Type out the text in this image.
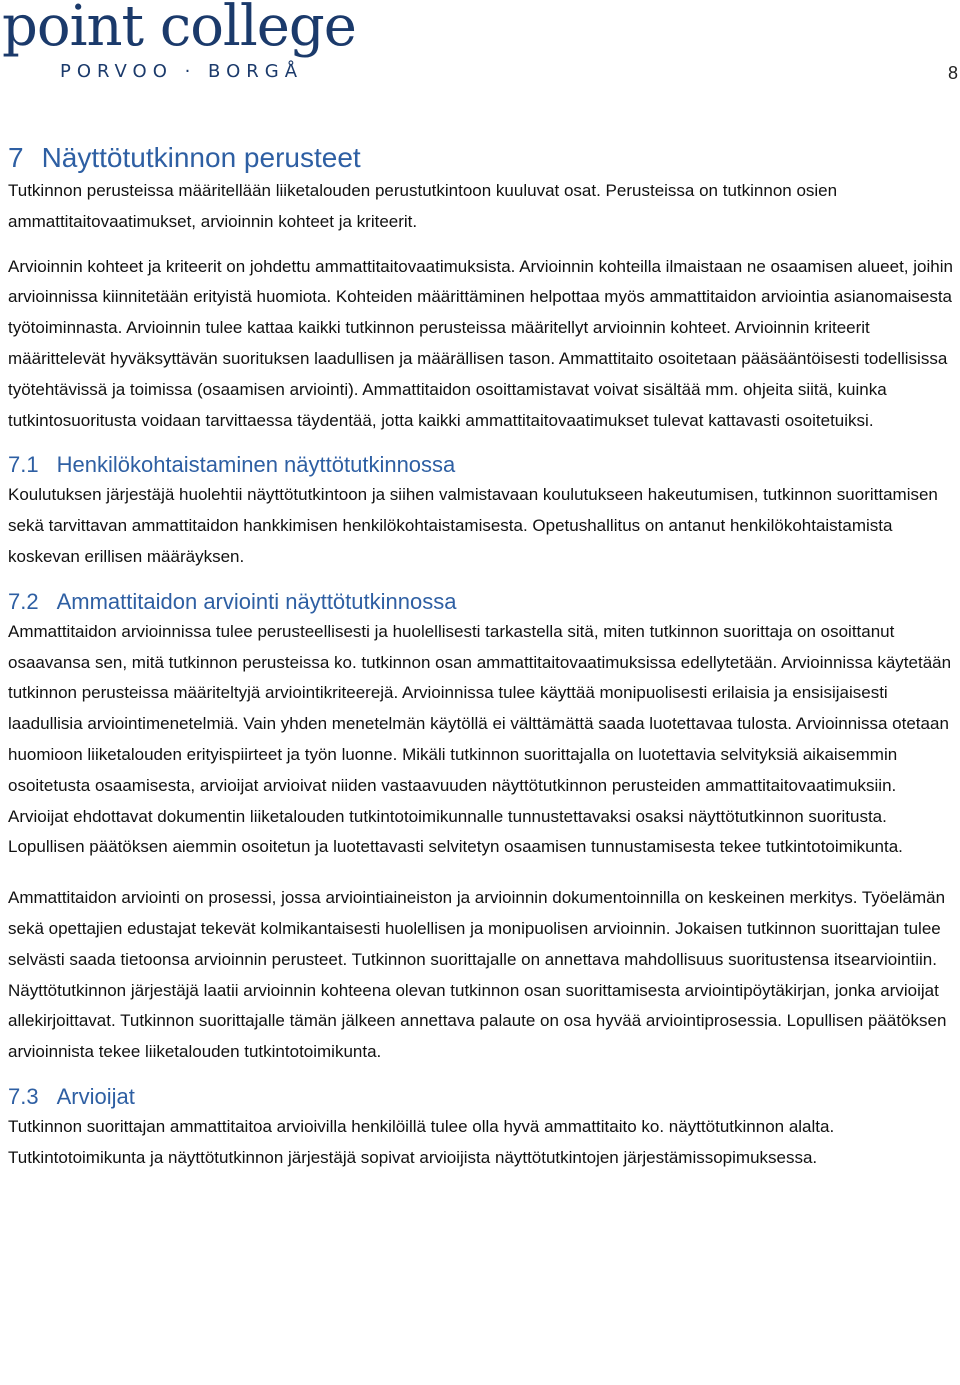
point college
PORVOO · BORGÅ	8
7 Näyttötutkinnon perusteet

Tutkinnon perusteissa määritellään liiketalouden perustutkintoon kuuluvat osat. Perusteissa on tutkinnon osien ammattitaitovaatimukset, arvioinnin kohteet ja kriteerit.

Arvioinnin kohteet ja kriteerit on johdettu ammattitaitovaatimuksista. Arvioinnin kohteilla ilmaistaan ne osaamisen alueet, joihin arvioinnissa kiinnitetään erityistä huomiota. Kohteiden määrittäminen helpottaa myös ammattitaidon arviointia asianomaisesta työtoiminnasta. Arvioinnin tulee kattaa kaikki tutkinnon perusteissa määritellyt arvioinnin kohteet. Arvioinnin kriteerit määrittelevät hyväksyttävän suorituksen laadullisen ja määrällisen tason. Ammattitaito osoitetaan pääsääntöisesti todellisissa työtehtävissä ja toimissa (osaamisen arviointi). Ammattitaidon osoittamistavat voivat sisältää mm. ohjeita siitä, kuinka tutkintosuoritusta voidaan tarvittaessa täydentää, jotta kaikki ammattitaitovaatimukset tulevat kattavasti osoitetuiksi.

7.1 Henkilökohtaistaminen näyttötutkinnossa

Koulutuksen järjestäjä huolehtii näyttötutkintoon ja siihen valmistavaan koulutukseen hakeutumisen, tutkinnon suorittamisen sekä tarvittavan ammattitaidon hankkimisen henkilökohtaistamisesta. Opetushallitus on antanut henkilökohtaistamista koskevan erillisen määräyksen.

7.2 Ammattitaidon arviointi näyttötutkinnossa

Ammattitaidon arvioinnissa tulee perusteellisesti ja huolellisesti tarkastella sitä, miten tutkinnon suorittaja on osoittanut osaavansa sen, mitä tutkinnon perusteissa ko. tutkinnon osan ammattitaitovaatimuksissa edellytetään. Arvioinnissa käytetään tutkinnon perusteissa määriteltyjä arviointikriteerejä. Arvioinnissa tulee käyttää monipuolisesti erilaisia ja ensisijaisesti laadullisia arviointimenetelmiä. Vain yhden menetelmän käytöllä ei välttämättä saada luotettavaa tulosta. Arvioinnissa otetaan huomioon liiketalouden erityispiirteet ja työn luonne. Mikäli tutkinnon suorittajalla on luotettavia selvityksiä aikaisemmin osoitetusta osaamisesta, arvioijat arvioivat niiden vastaavuuden näyttötutkinnon perusteiden ammattitaitovaatimuksiin. Arvioijat ehdottavat dokumentin liiketalouden tutkintotoimikunnalle tunnustettavaksi osaksi näyttötutkinnon suoritusta. Lopullisen päätöksen aiemmin osoitetun ja luotettavasti selvitetyn osaamisen tunnustamisesta tekee tutkintotoimikunta.

Ammattitaidon arviointi on prosessi, jossa arviointiaineiston ja arvioinnin dokumentoinnilla on keskeinen merkitys. Työelämän sekä opettajien edustajat tekevät kolmikantaisesti huolellisen ja monipuolisen arvioinnin. Jokaisen tutkinnon suorittajan tulee selvästi saada tietoonsa arvioinnin perusteet. Tutkinnon suorittajalle on annettava mahdollisuus suoritustensa itsearviointiin. Näyttötutkinnon järjestäjä laatii arvioinnin kohteena olevan tutkinnon osan suorittamisesta arviointipöytäkirjan, jonka arvioijat allekirjoittavat. Tutkinnon suorittajalle tämän jälkeen annettava palaute on osa hyvää arviointiprosessia. Lopullisen päätöksen arvioinnista tekee liiketalouden tutkintotoimikunta.

7.3 Arvioijat

Tutkinnon suorittajan ammattitaitoa arvioivilla henkilöillä tulee olla hyvä ammattitaito ko. näyttötutkinnon alalta. Tutkintotoimikunta ja näyttötutkinnon järjestäjä sopivat arvioijista näyttötutkintojen järjestämissopimuksessa.
